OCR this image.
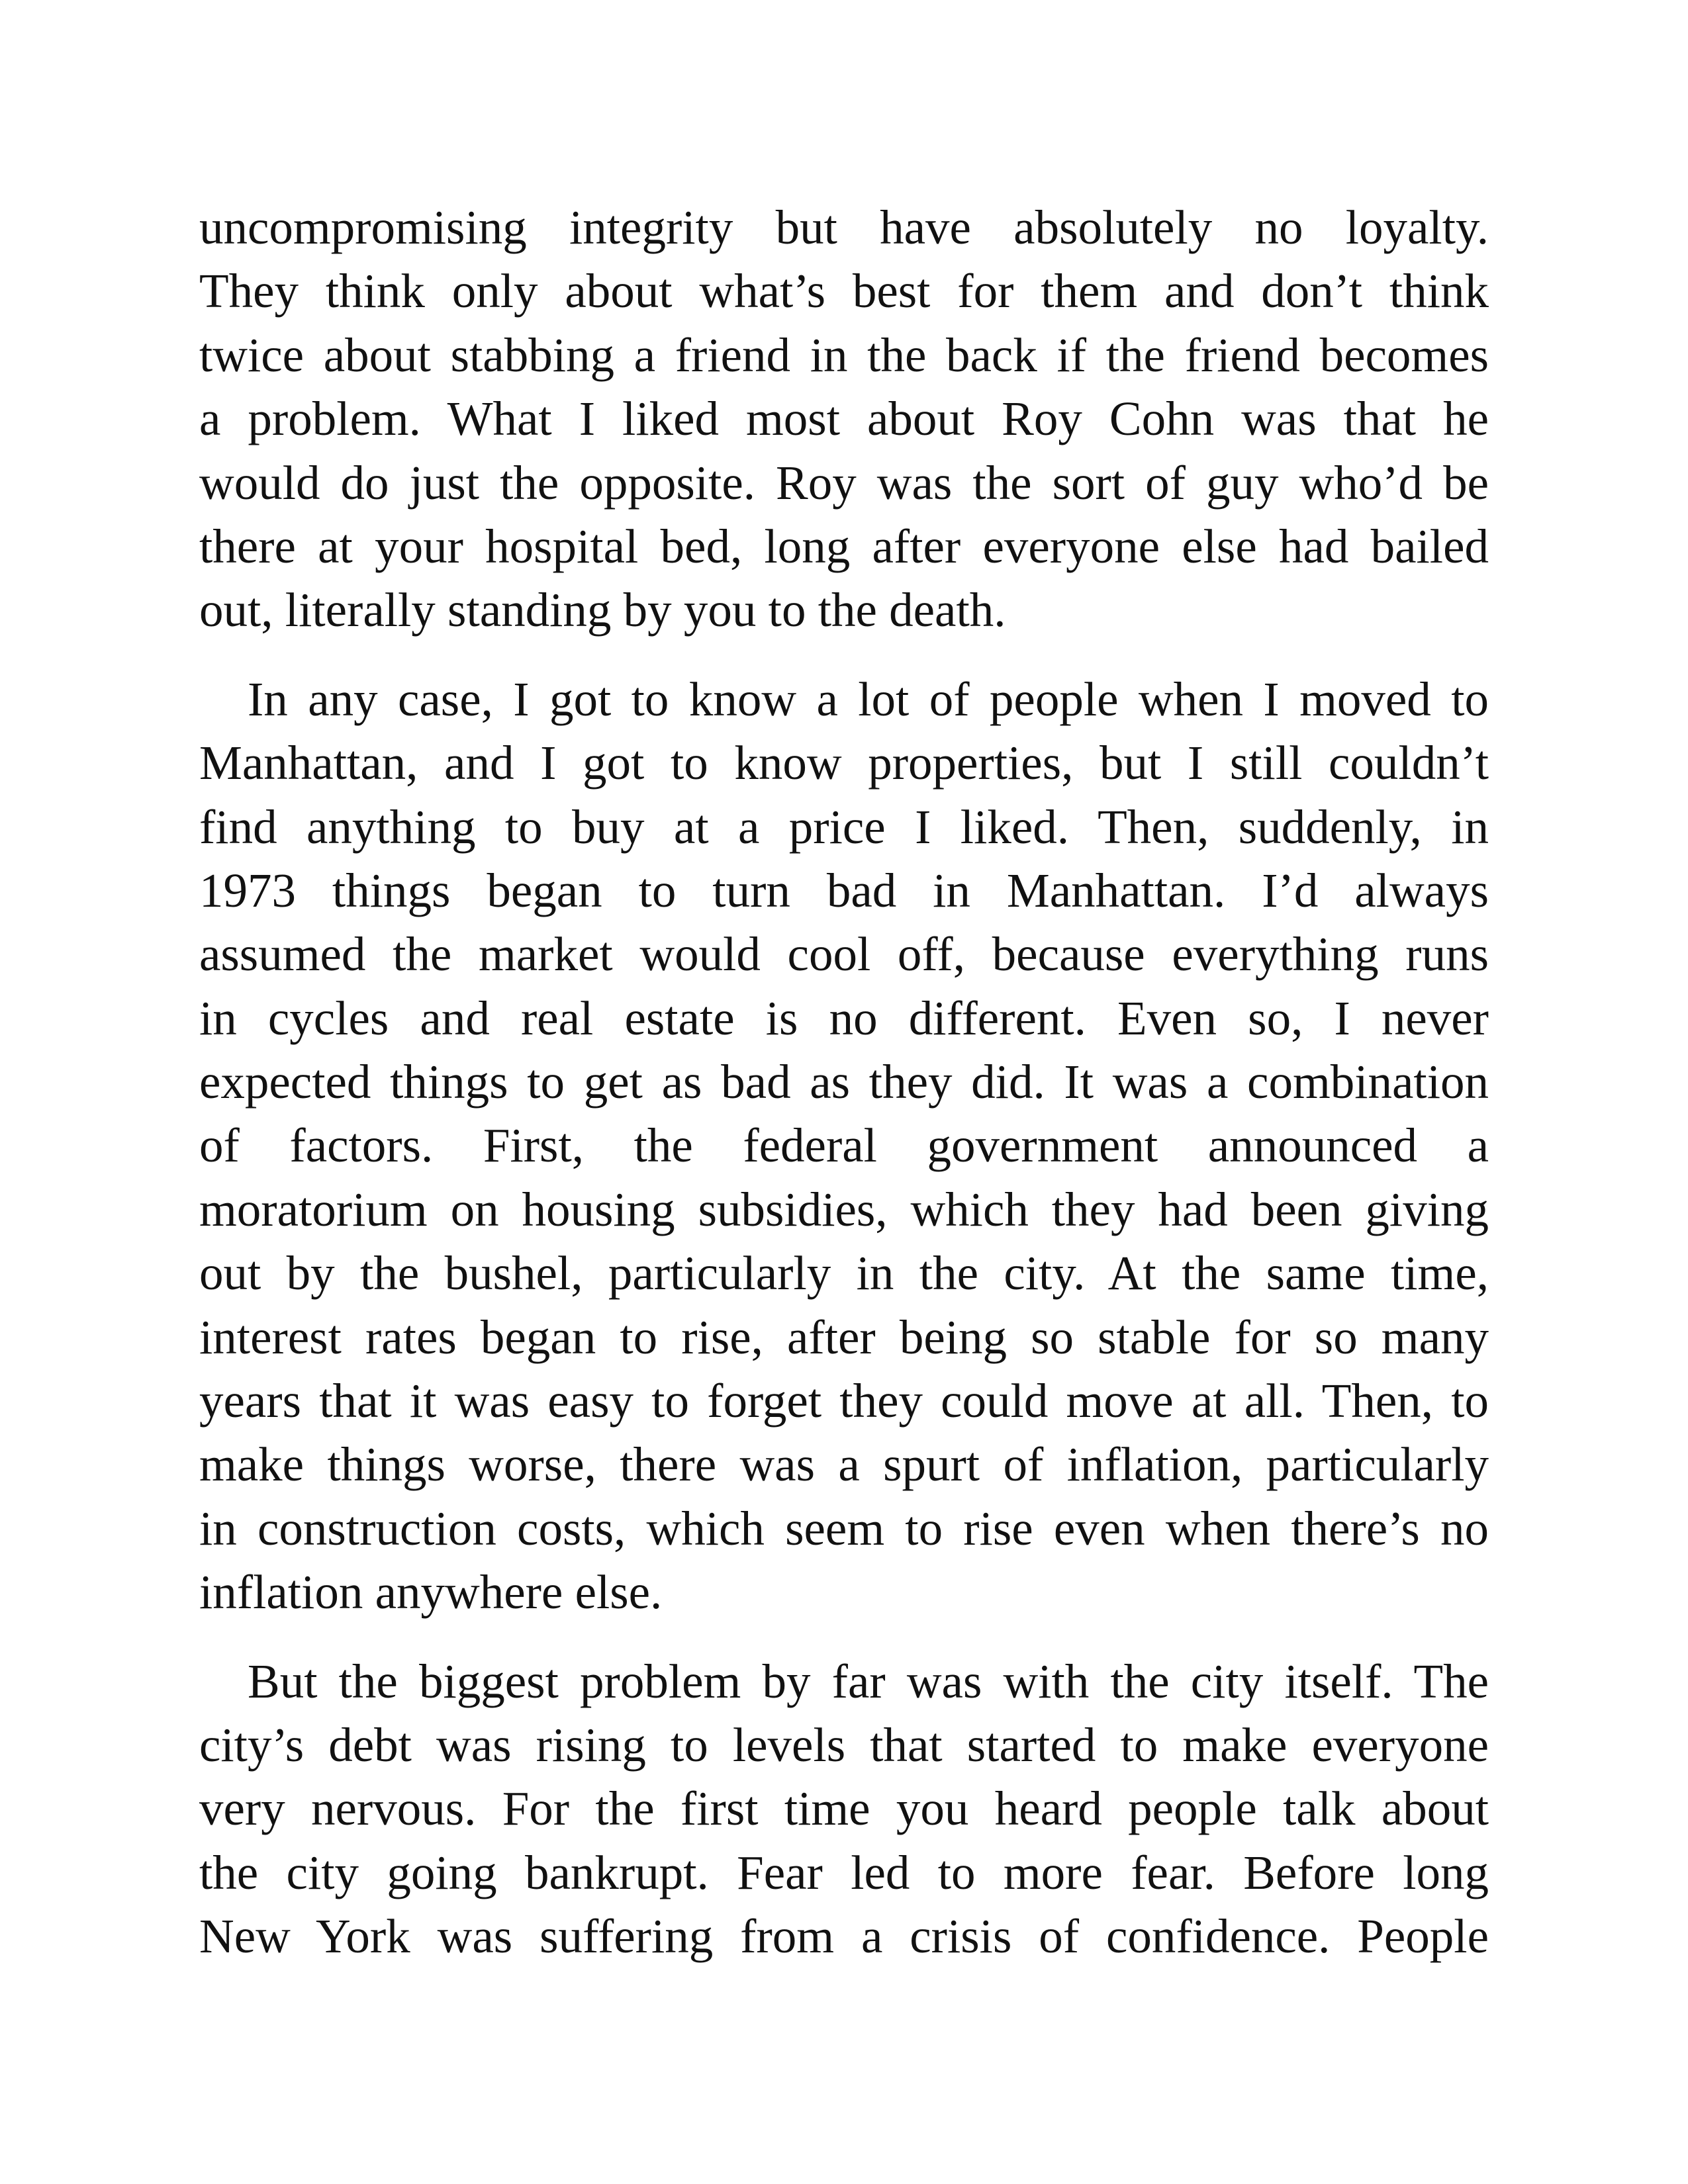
uncompromising integrity but have absolutely no loyalty.
They think only about what’s best for them and don’t think
twice about stabbing a friend in the back if the friend becomes
a problem. What I liked most about Roy Cohn was that he
would do just the opposite. Roy was the sort of guy who’d be
there at your hospital bed, long after everyone else had bailed
out, literally standing by you to the death.

In any case, I got to know a lot of people when I moved to
Manhattan, and I got to know properties, but I still couldn’t
find anything to buy at a price I liked. Then, suddenly, in
1973 things began to turn bad in Manhattan. I’d always
assumed the market would cool off, because everything runs
in cycles and real estate is no different. Even so, I never
expected things to get as bad as they did. It was a combination
of factors. First, the federal government announced a
moratorium on housing subsidies, which they had been giving
out by the bushel, particularly in the city. At the same time,
interest rates began to rise, after being so stable for so many
years that it was easy to forget they could move at all. Then, to
make things worse, there was a spurt of inflation, particularly
in construction costs, which seem to rise even when there’s no
inflation anywhere else.

But the biggest problem by far was with the city itself. The
city’s debt was rising to levels that started to make everyone
very nervous. For the first time you heard people talk about
the city going bankrupt. Fear led to more fear. Before long
New York was suffering from a crisis of confidence. People
